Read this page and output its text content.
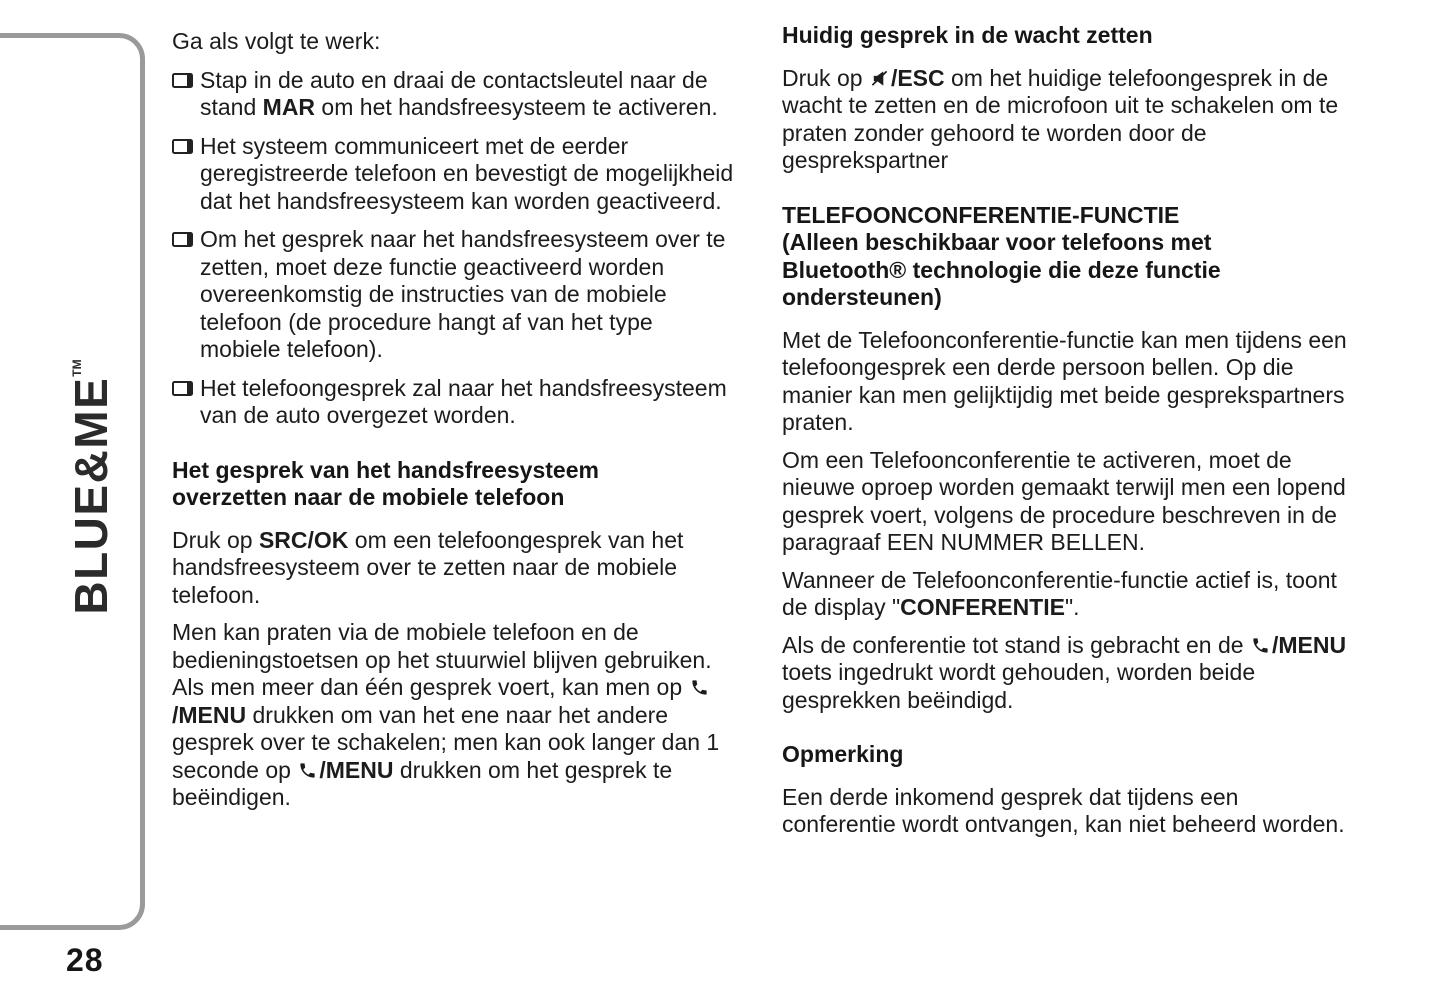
BLUE&ME™
28
Ga als volgt te werk:
Stap in de auto en draai de contactsleutel naar de stand MAR om het handsfreesysteem te activeren.
Het systeem communiceert met de eerder geregistreerde telefoon en bevestigt de mogelijkheid dat het handsfreesysteem kan worden geactiveerd.
Om het gesprek naar het handsfreesysteem over te zetten, moet deze functie geactiveerd worden overeenkomstig de instructies van de mobiele telefoon (de procedure hangt af van het type mobiele telefoon).
Het telefoongesprek zal naar het handsfreesysteem van de auto overgezet worden.
Het gesprek van het handsfreesysteem
overzetten naar de mobiele telefoon
Druk op SRC/OK om een telefoongesprek van het handsfreesysteem over te zetten naar de mobiele telefoon.
Men kan praten via de mobiele telefoon en de bedieningstoetsen op het stuurwiel blijven gebruiken. Als men meer dan één gesprek voert, kan men op /MENU drukken om van het ene naar het andere gesprek over te schakelen; men kan ook langer dan 1 seconde op /MENU drukken om het gesprek te beëindigen.
Huidig gesprek in de wacht zetten
Druk op /ESC om het huidige telefoongesprek in de wacht te zetten en de microfoon uit te schakelen om te praten zonder gehoord te worden door de gesprekspartner
TELEFOONCONFERENTIE-FUNCTIE
(Alleen beschikbaar voor telefoons met
Bluetooth® technologie die deze functie
ondersteunen)
Met de Telefoonconferentie-functie kan men tijdens een telefoongesprek een derde persoon bellen. Op die manier kan men gelijktijdig met beide gesprekspartners praten.
Om een Telefoonconferentie te activeren, moet de nieuwe oproep worden gemaakt terwijl men een lopend gesprek voert, volgens de procedure beschreven in de paragraaf EEN NUMMER BELLEN.
Wanneer de Telefoonconferentie-functie actief is, toont de display "CONFERENTIE".
Als de conferentie tot stand is gebracht en de /MENU toets ingedrukt wordt gehouden, worden beide gesprekken beëindigd.
Opmerking
Een derde inkomend gesprek dat tijdens een conferentie wordt ontvangen, kan niet beheerd worden.
